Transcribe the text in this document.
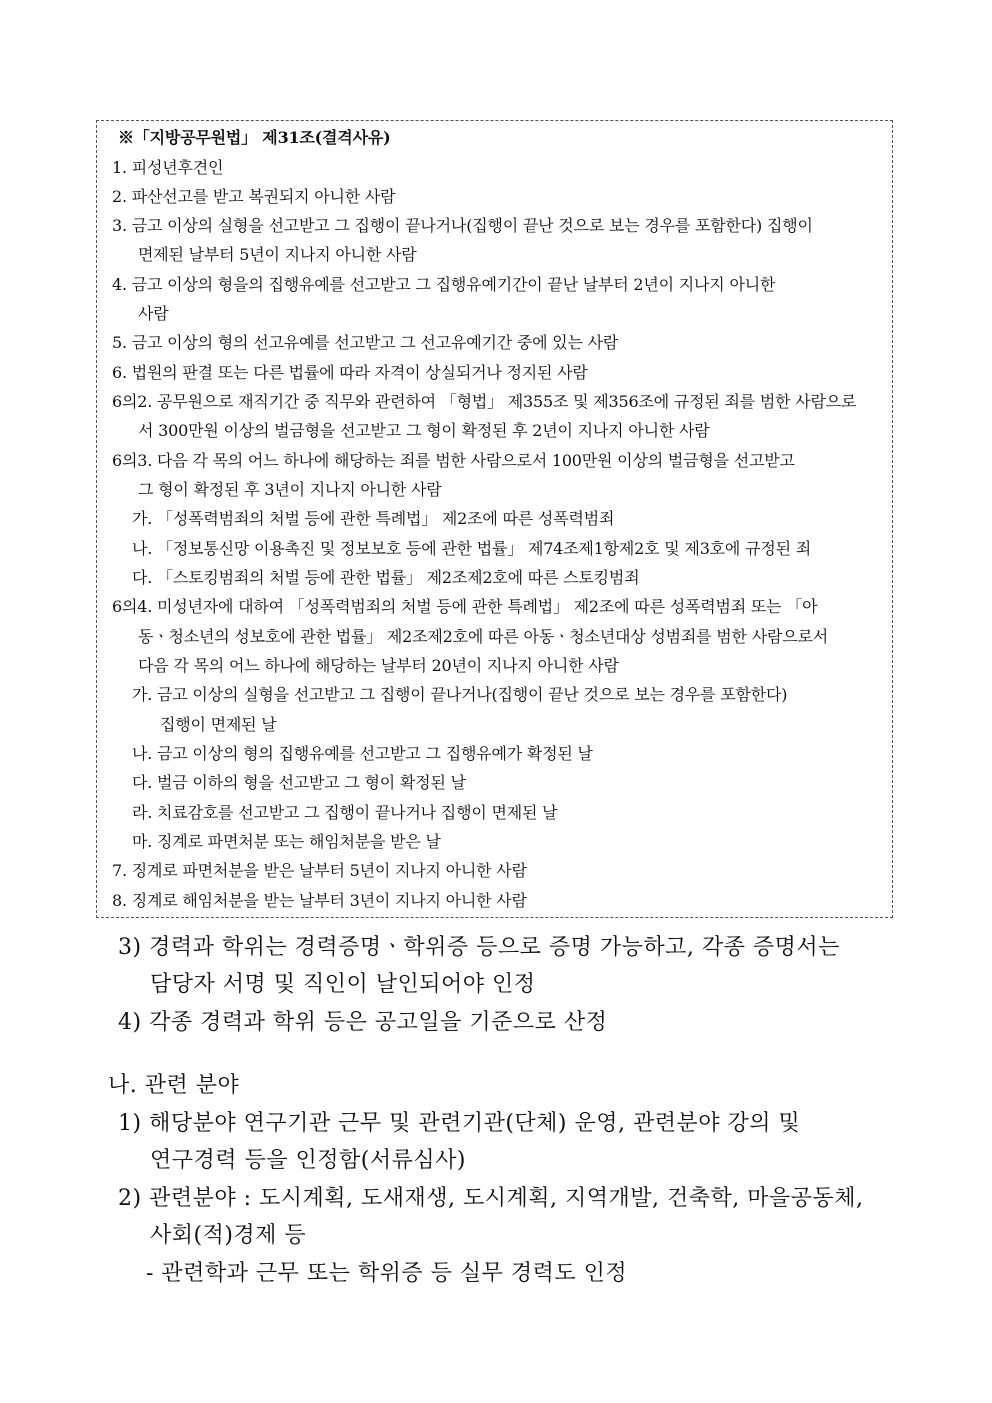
※「지방공무원법」 제31조(결격사유)
1. 피성년후견인
2. 파산선고를 받고 복권되지 아니한 사람
3. 금고 이상의 실형을 선고받고 그 집행이 끝나거나(집행이 끝난 것으로 보는 경우를 포함한다) 집행이
면제된 날부터 5년이 지나지 아니한 사람
4. 금고 이상의 형을의 집행유예를 선고받고 그 집행유예기간이 끝난 날부터 2년이 지나지 아니한
사람
5. 금고 이상의 형의 선고유예를 선고받고 그 선고유예기간 중에 있는 사람
6. 법원의 판결 또는 다른 법률에 따라 자격이 상실되거나 정지된 사람
6의2. 공무원으로 재직기간 중 직무와 관련하여 「형법」 제355조 및 제356조에 규정된 죄를 범한 사람으로
서 300만원 이상의 벌금형을 선고받고 그 형이 확정된 후 2년이 지나지 아니한 사람
6의3. 다음 각 목의 어느 하나에 해당하는 죄를 범한 사람으로서 100만원 이상의 벌금형을 선고받고
그 형이 확정된 후 3년이 지나지 아니한 사람
가. 「성폭력범죄의 처벌 등에 관한 특례법」 제2조에 따른 성폭력범죄
나. 「정보통신망 이용촉진 및 정보보호 등에 관한 법률」 제74조제1항제2호 및 제3호에 규정된 죄
다. 「스토킹범죄의 처벌 등에 관한 법률」 제2조제2호에 따른 스토킹범죄
6의4. 미성년자에 대하여 「성폭력범죄의 처벌 등에 관한 특례법」 제2조에 따른 성폭력범죄 또는 「아
동ㆍ청소년의 성보호에 관한 법률」 제2조제2호에 따른 아동ㆍ청소년대상 성범죄를 범한 사람으로서
다음 각 목의 어느 하나에 해당하는 날부터 20년이 지나지 아니한 사람
가. 금고 이상의 실형을 선고받고 그 집행이 끝나거나(집행이 끝난 것으로 보는 경우를 포함한다)
집행이 면제된 날
나. 금고 이상의 형의 집행유예를 선고받고 그 집행유예가 확정된 날
다. 벌금 이하의 형을 선고받고 그 형이 확정된 날
라. 치료감호를 선고받고 그 집행이 끝나거나 집행이 면제된 날
마. 징계로 파면처분 또는 해임처분을 받은 날
7. 징계로 파면처분을 받은 날부터 5년이 지나지 아니한 사람
8. 징계로 해임처분을 받는 날부터 3년이 지나지 아니한 사람
3) 경력과 학위는 경력증명ㆍ학위증 등으로 증명 가능하고, 각종 증명서는
담당자 서명 및 직인이 날인되어야 인정
4) 각종 경력과 학위 등은 공고일을 기준으로 산정
나. 관련 분야
1) 해당분야 연구기관 근무 및 관련기관(단체) 운영, 관련분야 강의 및
연구경력 등을 인정함(서류심사)
2) 관련분야 : 도시계획, 도새재생, 도시계획, 지역개발, 건축학, 마을공동체,
사회(적)경제 등
- 관련학과 근무 또는 학위증 등 실무 경력도 인정
